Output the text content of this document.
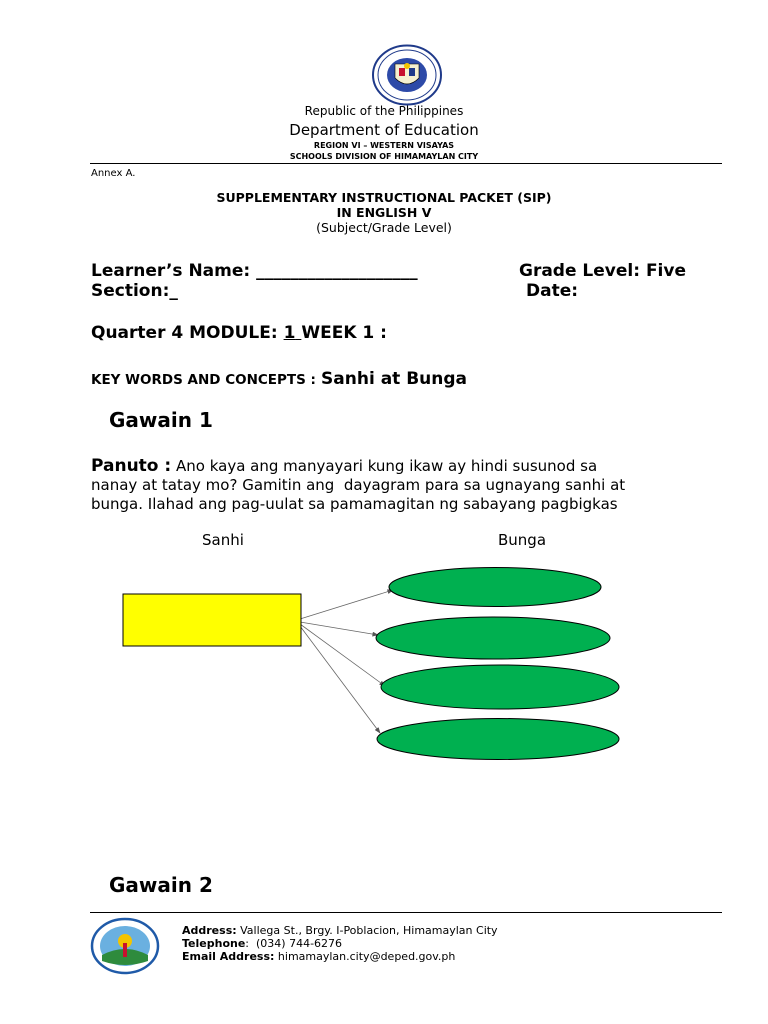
Republic of the Philippines
Department of Education
REGION VI – WESTERN VISAYAS
SCHOOLS DIVISION OF HIMAMAYLAN CITY
Annex A.
SUPPLEMENTARY INSTRUCTIONAL PACKET (SIP)
IN ENGLISH V
(Subject/Grade Level)
Learner’s Name: ___________________	Grade Level: Five
Section:_	Date:
Quarter 4 MODULE: 1 WEEK 1 :
KEY WORDS AND CONCEPTS : Sanhi at Bunga
Gawain 1
Panuto : Ano kaya ang manyayari kung ikaw ay hindi susunod sa
nanay at tatay mo? Gamitin ang  dayagram para sa ugnayang sanhi at
bunga. Ilahad ang pag-uulat sa pamamagitan ng sabayang pagbigkas
Sanhi	Bunga
Gawain 2
Address: Vallega St., Brgy. I-Poblacion, Himamaylan City
Telephone:  (034) 744-6276
Email Address: himamaylan.city@deped.gov.ph
